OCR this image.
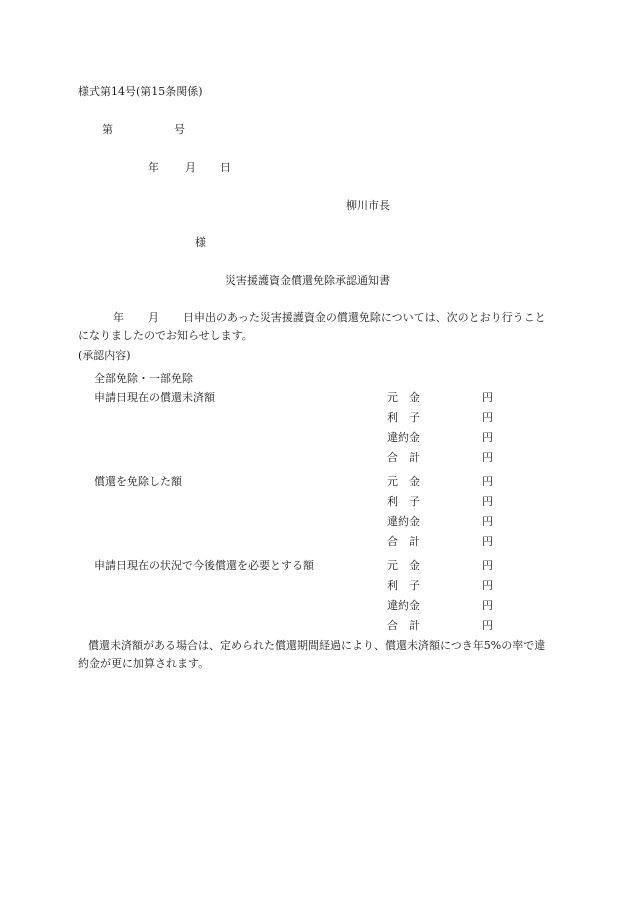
様式第14号(第15条関係)
第	号
年 月 日
柳川市長
様
災害援護資金償還免除承認通知書
年 月	日申出のあった災害援護資金の償還免除については、次のとおり行うことになりましたのでお知らせします。
(承認内容)
全部免除・一部免除
申請日現在の償還未済額	元　金	円
利　子	円
違約金	円
合　計	円
償還を免除した額	元　金	円
利　子	円
違約金	円
合　計	円
申請日現在の状況で今後償還を必要とする額	元　金	円
利　子	円
違約金	円
合　計	円
償還未済額がある場合は、定められた償還期間経過により、償還未済額につき年5%の率で違約金が更に加算されます。
